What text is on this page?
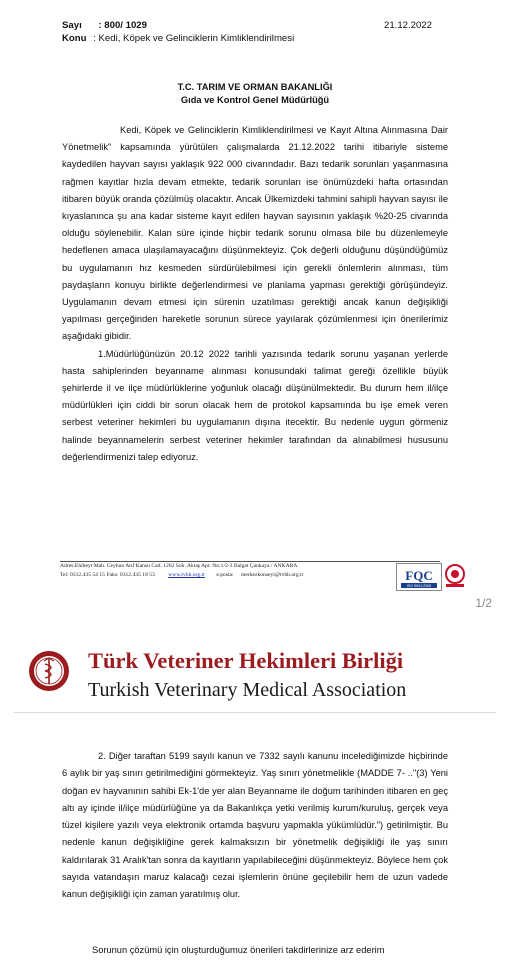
Sayı : 800/ 1029	21.12.2022
Konu : Kedi, Köpek ve Gelinciklerin Kimliklendirilmesi
T.C. TARIM VE ORMAN BAKANLIĞI
Gıda ve Kontrol Genel Müdürlüğü

Kedi, Köpek ve Gelinciklerin Kimliklendirilmesi ve Kayıt Altına Alınmasına Dair Yönetmelik" kapsamında yürütülen çalışmalarda 21.12.2022 tarihi itibariyle sisteme kaydedilen hayvan sayısı yaklaşık 922 000 civarındadır. Bazı tedarik sorunları yaşanmasına rağmen kayıtlar hızla devam etmekte, tedarik sorunları ise önümüzdeki hafta ortasından itibaren büyük oranda çözülmüş olacaktır. Ancak Ülkemizdeki tahmini sahipli hayvan sayısı ile kıyaslanınca şu ana kadar sisteme kayıt edilen hayvan sayısının yaklaşık %20-25 civarında olduğu söylenebilir. Kalan süre içinde hiçbir tedarik sorunu olmasa bile bu düzenlemeyle hedeflenen amaca ulaşılamayacağını düşünmekteyiz. Çok değerli olduğunu düşündüğümüz bu uygulamanın hız kesmeden sürdürülebilmesi için gerekli önlemlerin alınması, tüm paydaşların konuyu birlikte değerlendirmesi ve planlama yapması gerektiği görüşündeyiz. Uygulamanın devam etmesi için sürenin uzatılması gerektiği ancak kanun değişikliği yapılması gerçeğinden hareketle sorunun sürece yayılarak çözümlenmesi için önerilerimiz aşağıdaki gibidir.

1.Müdürlüğünüzün 20.12 2022 tarihli yazısında tedarik sorunu yaşanan yerlerde hasta sahiplerinden beyanname alınması konusundaki talimat gereği özellikle büyük şehirlerde il ve ilçe müdürlüklerine yoğunluk olacağı düşünülmektedir. Bu durum hem il/ilçe müdürlükleri için ciddi bir sorun olacak hem de protokol kapsamında bu işe emek veren serbest veteriner hekimleri bu uygulamanın dışına itecektir. Bu nedenle uygun görmeniz halinde beyannamelerin serbest veteriner hekimler tarafından da alınabilmesi hususunu değerlendirmenizi talep ediyoruz.

Adres:Ehibeyt Mah. Ceyhun Atıf Kansu Cad. 1262 Sok. Aktaş Apt. No:1/2-3 Balgat Çankaya / ANKARA
Tel: 0312.435 54 15 Faks: 0312.435 18 53 www.tvhb.org.tr e.posta: merkezkonseyi@tvhb.org.tr	FQC
ISO 9001:2008
1/2
Türk Veteriner Hekimleri Birliği
Turkish Veterinary Medical Association

2. Diğer taraftan 5199 sayılı kanun ve 7332 sayılı kanunu incelediğimizde hiçbirinde 6 aylık bir yaş sınırı getirilmediğini görmekteyiz. Yaş sınırı yönetmelikle (MADDE 7- .."(3) Yeni doğan ev hayvanının sahibi Ek-1'de yer alan Beyanname ile doğum tarihinden itibaren en geç altı ay içinde il/ilçe müdürlüğüne ya da Bakanlıkça yetki verilmiş kurum/kuruluş, gerçek veya tüzel kişilere yazılı veya elektronik ortamda başvuru yapmakla yükümlüdür.") getirilmiştir. Bu nedenle kanun değişikliğine gerek kalmaksızın bir yönetmelik değişikliği ile yaş sınırı kaldırılarak 31 Aralık'tan sonra da kayıtların yapılabileceğini düşünmekteyiz. Böylece hem çok sayıda vatandaşın maruz kalacağı cezai işlemlerin önüne geçilebilir hem de uzun vadede kanun değişikliği için zaman yaratılmış olur.

Sorunun çözümü için oluşturduğumuz önerileri takdirlerinize arz ederim
